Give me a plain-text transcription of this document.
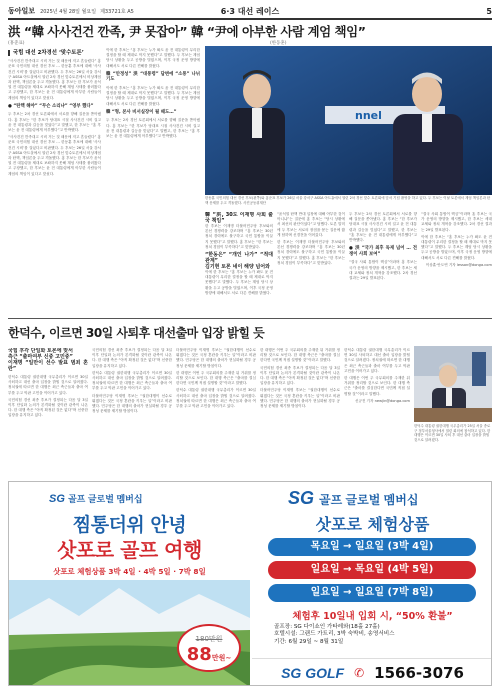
동아일보 2025년 4월 28일 월요일 제33721호 A5	6·3 대선 레이스	5
洪 “韓 사사건건 깐족, 尹 못잡아” 韓 “尹에 아부한 사람 계엄 책임”
(홍준표)	(한동훈)
국힘 대선 2차경선 ‘맞수토론’
“사사건건 깐족대고 시비 거는 것 때문에 저고 흔들렸다” 홍준표 국민의힘 대선 경선 후보 … 한동훈 후보에 대해 ‘사사건건 시비’를 걸었다고 비판했다. 두 후보는 26일 서울 강서구 ASSA 아트홀에서 열린 2차 경선 맞수토론에서 비상계엄과 탄핵, 책임론을 두고 격돌했다. 홍 후보는 한 후보가 윤석열 전 대통령을 제대로 보좌하지 못해 계엄 사태를 불러왔다고 주장했고, 한 후보는 윤 전 대통령에게 아부한 사람들이 계엄의 책임이 있다고 맞섰다.
● “탄핵 해야” “무슨 소리냐” “영부 했다”
두 후보는 2차 경선 토론회에서 서로를 향해 질문을 쏟아냈다. 홍 후보는 “한 후보가 당대표 시절 사사건건 시비 걸고 윤 전 대통령과 갈등을 빚었다”고 말했고, 한 후보는 “홍 후보는 윤 전 대통령에게 아부했다”고 반박했다.
“사사건건 깐족대고 시비 거는 것 때문에 저고 흔들렸다” 홍준표 국민의힘 대선 경선 후보 … 한동훈 후보에 대해 ‘사사건건 시비’를 걸었다고 비판했다. 두 후보는 26일 서울 강서구 ASSA 아트홀에서 열린 2차 경선 맞수토론에서 비상계엄과 탄핵, 책임론을 두고 격돌했다. 홍 후보는 한 후보가 윤석열 전 대통령을 제대로 보좌하지 못해 계엄 사태를 불러왔다고 주장했고, 한 후보는 윤 전 대통령에게 아부한 사람들이 계엄의 책임이 있다고 맞섰다.
이에 한 후보는 “홍 후보는 누가 봐도 윤 전 대통령이 무리한 결정을 할 때 제대로 막지 못했다”고 말했다. 두 후보는 계엄 당시 상황을 두고 공방을 벌였으며, 이후 국정 운영 방향에 대해서도 서로 다른 견해를 밝혔다.
韓 “안정성” 洪 “대통령” 답변에 “소통” 나뉘기도
이에 한 후보는 “홍 후보는 누가 봐도 윤 전 대통령이 무리한 결정을 할 때 제대로 막지 못했다”고 말했다. 두 후보는 계엄 당시 상황을 두고 공방을 벌였으며, 이후 국정 운영 방향에 대해서도 서로 다른 견해를 밝혔다.
韓 “형, 본사 비서실장이 될 때도…”
두 후보는 2차 경선 토론회에서 서로를 향해 질문을 쏟아냈다. 홍 후보는 “한 후보가 당대표 시절 사사건건 시비 걸고 윤 전 대통령과 갈등을 빚었다”고 말했고, 한 후보는 “홍 후보는 윤 전 대통령에게 아부했다”고 반박했다.
nnel
한동훈 국민의힘 대선 경선 후보(왼쪽)와 홍준표 후보가 26일 서울 강서구 ASSA 아트홀에서 열린 2차 경선 맞수 토론회에 앞서 기념 촬영을 하고 있다. 두 후보는 이날 토론에서 계엄 책임론과 탄핵 문제를 두고 격돌했다. 사진공동취재단
韓 “洪, 30도 이재명 사회 출국 책임”
한 후보는 이재명 더불어민주당 후보와의 본선 경쟁력을 강조하며 “홍 후보는 30년 정치 경력에도 불구하고 국민 통합을 이끌지 못했다”고 말했다. 홍 후보는 “한 후보는 정치 경험이 부족하다”고 맞받았다.
“한동은” “개인 나가” “적대 관계”
김기현 토론 네이 해양 넘어와
이에 한 후보는 “홍 후보는 누가 봐도 윤 전 대통령이 무리한 결정을 할 때 제대로 막지 못했다”고 말했다. 두 후보는 계엄 당시 상황을 두고 공방을 벌였으며, 이후 국정 운영 방향에 대해서도 서로 다른 견해를 밝혔다.
“윤석열 탄핵 반대 입장에 대해 아부한 것이 아니냐”는 질문에 홍 후보는 “당시 상황에서 최선의 판단이었다”고 답했다. 토론 말미에 두 후보는 서로의 장점을 묻는 질문에 짧게 답하며 신경전을 이어갔다.
한 후보는 이재명 더불어민주당 후보와의 본선 경쟁력을 강조하며 “홍 후보는 30년 정치 경력에도 불구하고 국민 통합을 이끌지 못했다”고 말했다. 홍 후보는 “한 후보는 정치 경험이 부족하다”고 맞받았다.
두 후보는 2차 경선 토론회에서 서로를 향해 질문을 쏟아냈다. 홍 후보는 “한 후보가 당대표 시절 사사건건 시비 걸고 윤 전 대통령과 갈등을 빚었다”고 말했고, 한 후보는 “홍 후보는 윤 전 대통령에게 아부했다”고 반박했다.
● 洪 “국가 최후 독재 넘어 … 전쟁이 사회 보여”
“결국 사회 통합이 핵심”이라며 홍 후보는 국가 운영의 방향을 제시했고, 한 후보는 세대 교체와 정치 개혁을 강조했다. 2차 경선 결과는 29일 발표된다.
“결국 사회 통합이 핵심”이라며 홍 후보는 국가 운영의 방향을 제시했고, 한 후보는 세대 교체와 정치 개혁을 강조했다. 2차 경선 결과는 29일 발표된다.
이에 한 후보는 “홍 후보는 누가 봐도 윤 전 대통령이 무리한 결정을 할 때 제대로 막지 못했다”고 말했다. 두 후보는 계엄 당시 상황을 두고 공방을 벌였으며, 이후 국정 운영 방향에 대해서도 서로 다른 견해를 밝혔다.
이상훈·안도연 기자 lesson@donga.com
한덕수, 이르면 30일 사퇴후 대선출마 입장 밝힐 듯
국힘 후각 단일화 토론에 맞서
측근 “출마여부 신중 고민중”
이재명 “일만이 선수 발표 범죄 혼란”
한덕수 대통령 권한대행 국무총리가 이르면 30일 사퇴하고 대선 출마 입장을 밝힐 것으로 알려졌다. 정치권에 따르면 한 대행은 최근 측근들과 출마 여부를 두고 막판 고민을 이어가고 있다.
국민의힘 경선 최종 후보가 결정되는 다음 달 3일 이후 단일화 논의가 본격화될 것이란 관측이 나온다. 한 대행 측은 “아직 확정된 것은 없다”며 신중한 입장을 유지하고 있다.
국민의힘 경선 최종 후보가 결정되는 다음 달 3일 이후 단일화 논의가 본격화될 것이란 관측이 나온다. 한 대행 측은 “아직 확정된 것은 없다”며 신중한 입장을 유지하고 있다.
한덕수 대통령 권한대행 국무총리가 이르면 30일 사퇴하고 대선 출마 입장을 밝힐 것으로 알려졌다. 정치권에 따르면 한 대행은 최근 측근들과 출마 여부를 두고 막판 고민을 이어가고 있다.
더불어민주당 이재명 후보는 “권한대행이 선수로 뛰겠다는 것은 국정 혼란을 키우는 일”이라고 비판했다. 민주당은 한 대행의 출마가 현실화될 경우 공정성 문제를 제기할 방침이다.
더불어민주당 이재명 후보는 “권한대행이 선수로 뛰겠다는 것은 국정 혼란을 키우는 일”이라고 비판했다. 민주당은 한 대행의 출마가 현실화될 경우 공정성 문제를 제기할 방침이다.
한 대행은 이번 주 국무회의를 주재한 뒤 거취를 정리할 것으로 보인다. 한 대행 측근은 “출마를 결심한다면 국민께 직접 설명할 것”이라고 말했다.
한덕수 대통령 권한대행 국무총리가 이르면 30일 사퇴하고 대선 출마 입장을 밝힐 것으로 알려졌다. 정치권에 따르면 한 대행은 최근 측근들과 출마 여부를 두고 막판 고민을 이어가고 있다.
한 대행은 이번 주 국무회의를 주재한 뒤 거취를 정리할 것으로 보인다. 한 대행 측근은 “출마를 결심한다면 국민께 직접 설명할 것”이라고 말했다.
국민의힘 경선 최종 후보가 결정되는 다음 달 3일 이후 단일화 논의가 본격화될 것이란 관측이 나온다. 한 대행 측은 “아직 확정된 것은 없다”며 신중한 입장을 유지하고 있다.
더불어민주당 이재명 후보는 “권한대행이 선수로 뛰겠다는 것은 국정 혼란을 키우는 일”이라고 비판했다. 민주당은 한 대행의 출마가 현실화될 경우 공정성 문제를 제기할 방침이다.
한덕수 대통령 권한대행 국무총리가 이르면 30일 사퇴하고 대선 출마 입장을 밝힐 것으로 알려졌다. 정치권에 따르면 한 대행은 최근 측근들과 출마 여부를 두고 막판 고민을 이어가고 있다.
한 대행은 이번 주 국무회의를 주재한 뒤 거취를 정리할 것으로 보인다. 한 대행 측근은 “출마를 결심한다면 국민께 직접 설명할 것”이라고 말했다.
신규진 기자 newjin@donga.com
한덕수 대통령 권한대행 국무총리가 25일 서울 종로구 정부서울청사에서 열린 회의에 참석하고 있다. 한 대행은 이르면 30일 사퇴 후 대선 출마 입장을 밝힐 것으로 알려졌다.
SG 골프 글로벌 멤버십
찜통더위 안녕
삿포로 골프 여행
삿포로 체험상품 3박 4일 · 4박 5일 · 7박 8일
180만원
88만원~
SG 골프 글로벌 멤버십
삿포로 체험상품
목요일 → 일요일 (3박 4일)
일요일 → 목요일 (4박 5일)
일요일 → 일요일 (7박 8일)
체험후 10일내 입회 시, “50% 환불”
골프장: SG 다이쇼인 가타레와(18홀 27홀)
호텔시설: 그랜드 가트리, 3박 숙박비, 송영서비스
기간: 6월 29일 ~ 8월 31일
SG GOLF ✆ 1566-3076
